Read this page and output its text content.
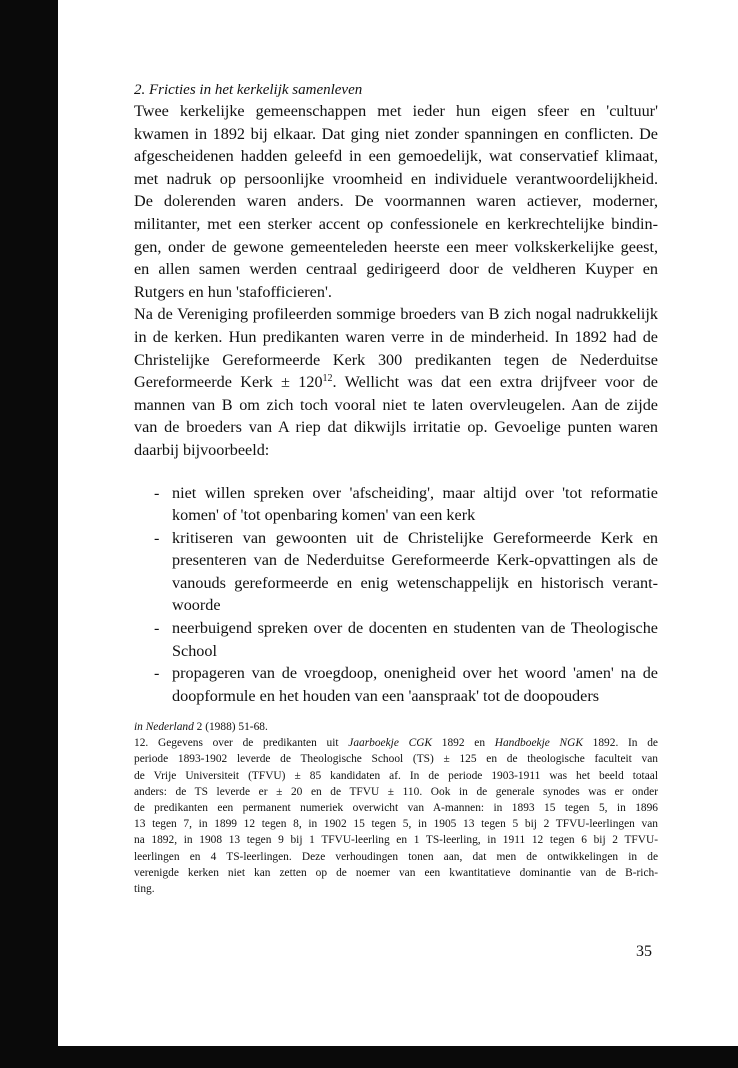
2. Fricties in het kerkelijk samenleven

Twee kerkelijke gemeenschappen met ieder hun eigen sfeer en 'cultuur'
kwamen in 1892 bij elkaar. Dat ging niet zonder spanningen en conflicten. De
afgescheidenen hadden geleefd in een gemoedelijk, wat conservatief klimaat,
met nadruk op persoonlijke vroomheid en individuele verantwoordelijkheid.
De dolerenden waren anders. De voormannen waren actiever, moderner,
militanter, met een sterker accent op confessionele en kerkrechtelijke bindin-
gen, onder de gewone gemeenteleden heerste een meer volkskerkelijke geest,
en allen samen werden centraal gedirigeerd door de veldheren Kuyper en
Rutgers en hun 'stafofficieren'.
Na de Vereniging profileerden sommige broeders van B zich nogal nadrukkelijk
in de kerken. Hun predikanten waren verre in de minderheid. In 1892 had de
Christelijke Gereformeerde Kerk 300 predikanten tegen de Nederduitse
Gereformeerde Kerk ± $120^{12}$. Wellicht was dat een extra drijfveer voor de
mannen van B om zich toch vooral niet te laten overvleugelen. Aan de zijde
van de broeders van A riep dat dikwijls irritatie op. Gevoelige punten waren
daarbij bijvoorbeeld:
- niet willen spreken over 'afscheiding', maar altijd over 'tot reformatie
komen' of 'tot openbaring komen' van een kerk
- kritiseren van gewoonten uit de Christelijke Gereformeerde Kerk en
presenteren van de Nederduitse Gereformeerde Kerk-opvattingen als de
vanouds gereformeerde en enig wetenschappelijk en historisch verant-
woorde
- neerbuigend spreken over de docenten en studenten van de Theologische
School
- propageren van de vroegdoop, onenigheid over het woord 'amen' na de
doopformule en het houden van een 'aanspraak' tot de doopouders

in Nederland 2 (1988) 51-68.

12. Gegevens over de predikanten uit Jaarboekje CGK 1892 en Handboekje NGK 1892. In de
periode 1893-1902 leverde de Theologische School (TS) ± 125 en de theologische faculteit van
de Vrije Universiteit (TFVU) ± 85 kandidaten af. In de periode 1903-1911 was het beeld totaal
anders: de TS leverde er ± 20 en de TFVU ± 110. Ook in de generale synodes was er onder
de predikanten een permanent numeriek overwicht van A-mannen: in 1893 15 tegen 5, in 1896
13 tegen 7, in 1899 12 tegen 8, in 1902 15 tegen 5, in 1905 13 tegen 5 bij 2 TFVU-leerlingen van
na 1892, in 1908 13 tegen 9 bij 1 TFVU-leerling en 1 TS-leerling, in 1911 12 tegen 6 bij 2 TFVU-
leerlingen en 4 TS-leerlingen. Deze verhoudingen tonen aan, dat men de ontwikkelingen in de
verenigde kerken niet kan zetten op de noemer van een kwantitatieve dominantie van de B-rich-
ting.
35
